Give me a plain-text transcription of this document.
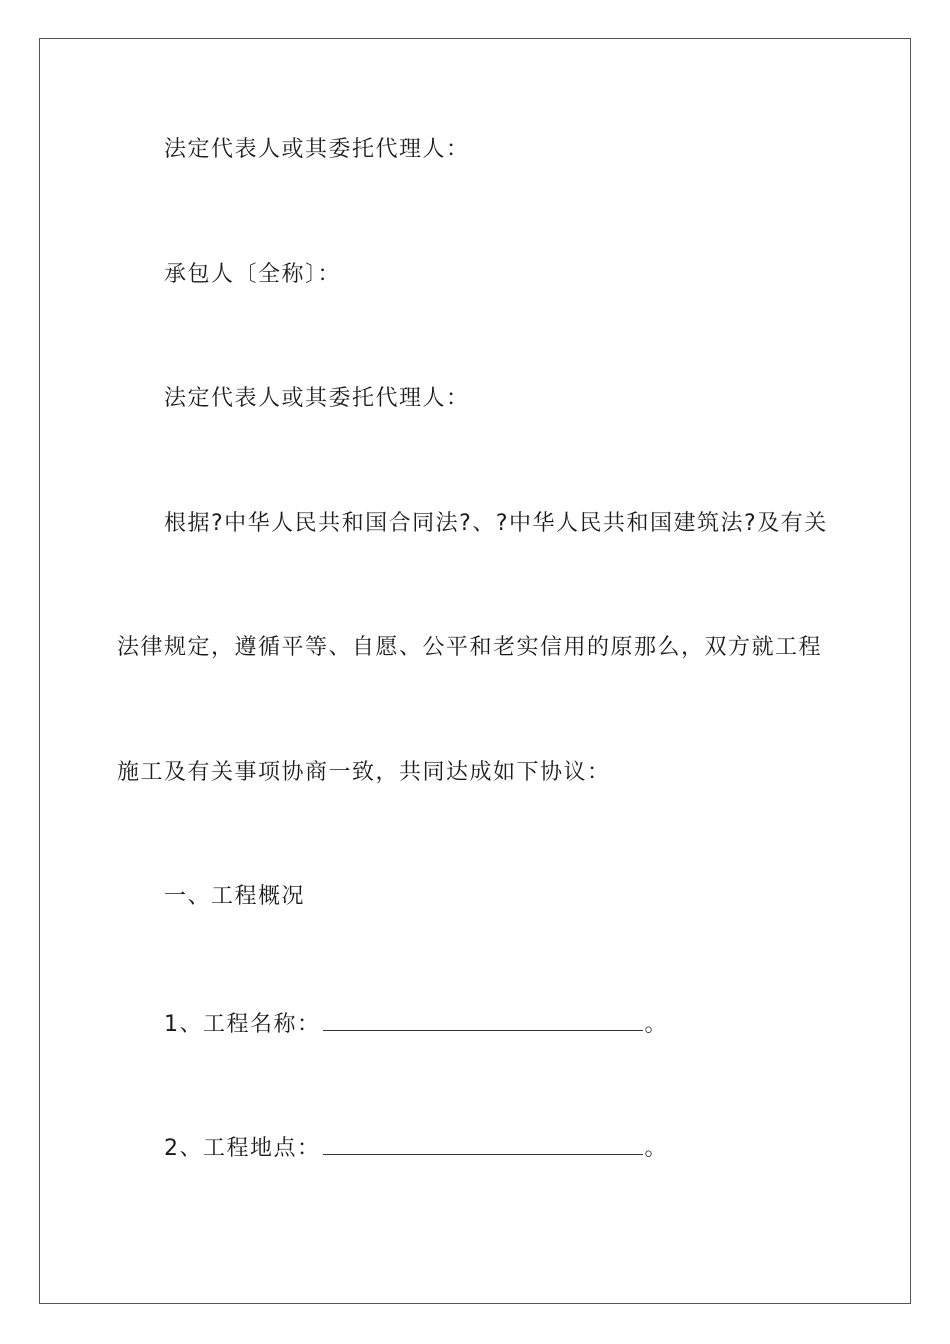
法定代表人或其委托代理人：
承包人〔全称〕：
法定代表人或其委托代理人：
根据?中华人民共和国合同法?、?中华人民共和国建筑法?及有关
法律规定，遵循平等、自愿、公平和老实信用的原那么，双方就工程
施工及有关事项协商一致，共同达成如下协议：
一、工程概况
1、工程名称：	。
2、工程地点：	。
